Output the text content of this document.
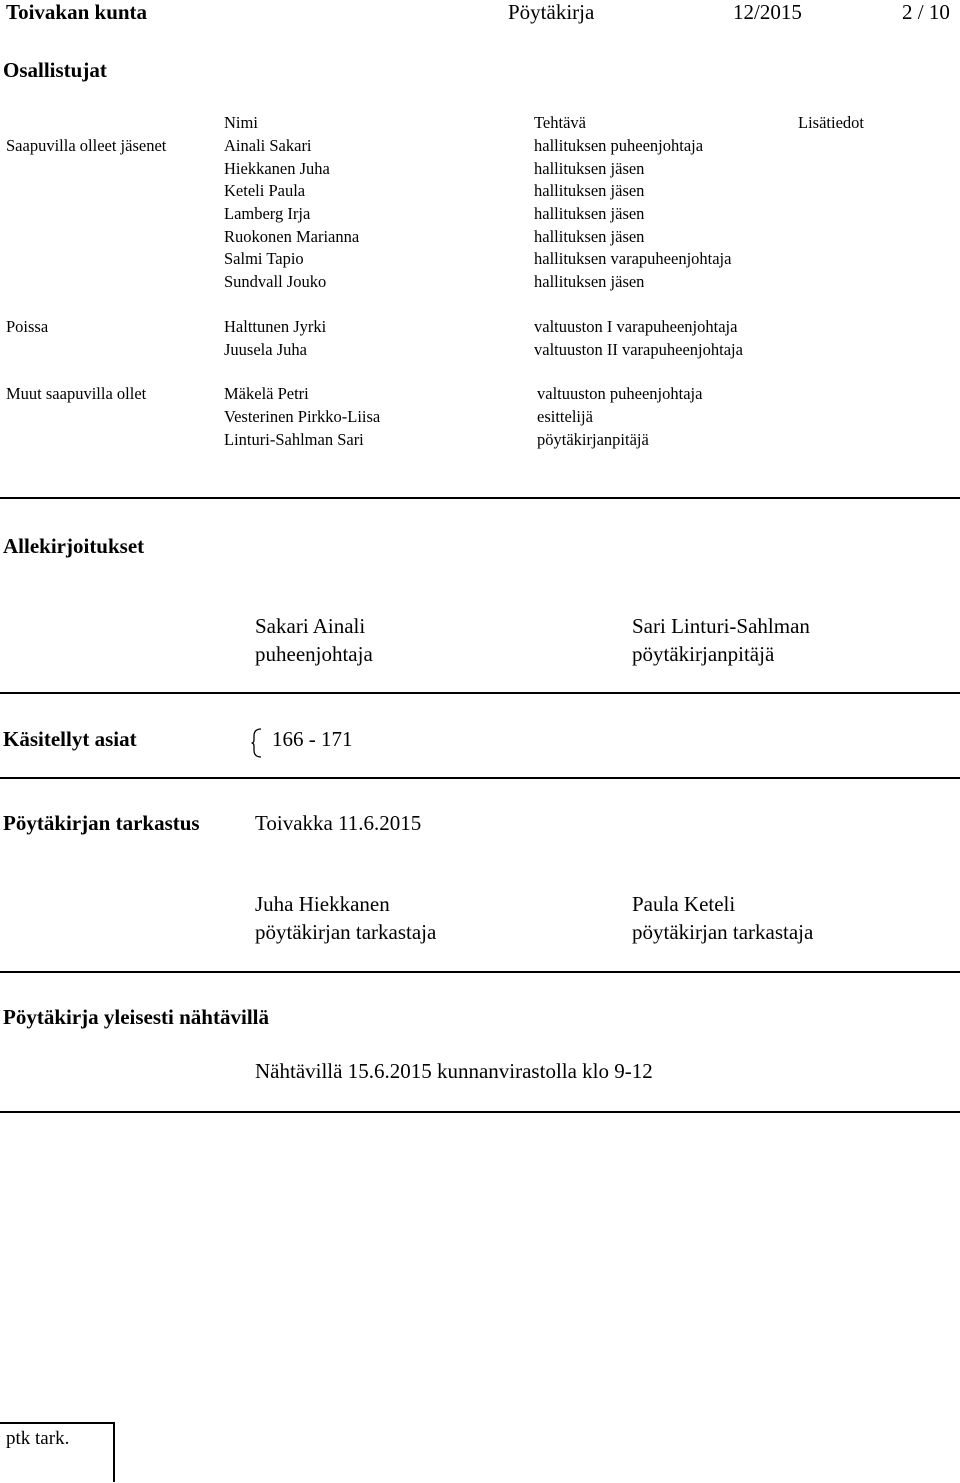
Toivakan kunta	Pöytäkirja	12/2015	2 / 10
Osallistujat
Nimi	Tehtävä	Lisätiedot
Saapuvilla olleet jäsenet	Ainali Sakari	hallituksen puheenjohtaja
Hiekkanen Juha	hallituksen jäsen
Keteli Paula	hallituksen jäsen
Lamberg Irja	hallituksen jäsen
Ruokonen Marianna	hallituksen jäsen
Salmi Tapio	hallituksen varapuheenjohtaja
Sundvall Jouko	hallituksen jäsen
Poissa	Halttunen Jyrki	valtuuston I varapuheenjohtaja
Juusela Juha	valtuuston II varapuheenjohtaja
Muut saapuvilla ollet	Mäkelä Petri	valtuuston puheenjohtaja
Vesterinen Pirkko-Liisa	esittelijä
Linturi-Sahlman Sari	pöytäkirjanpitäjä
Allekirjoitukset
Sakari Ainali
puheenjohtaja
Sari Linturi-Sahlman
pöytäkirjanpitäjä
Käsitellyt asiat	166 - 171
Pöytäkirjan tarkastus	Toivakka 11.6.2015
Juha Hiekkanen
pöytäkirjan tarkastaja
Paula Keteli
pöytäkirjan tarkastaja
Pöytäkirja yleisesti nähtävillä
Nähtävillä 15.6.2015 kunnanvirastolla klo 9-12
ptk tark.
